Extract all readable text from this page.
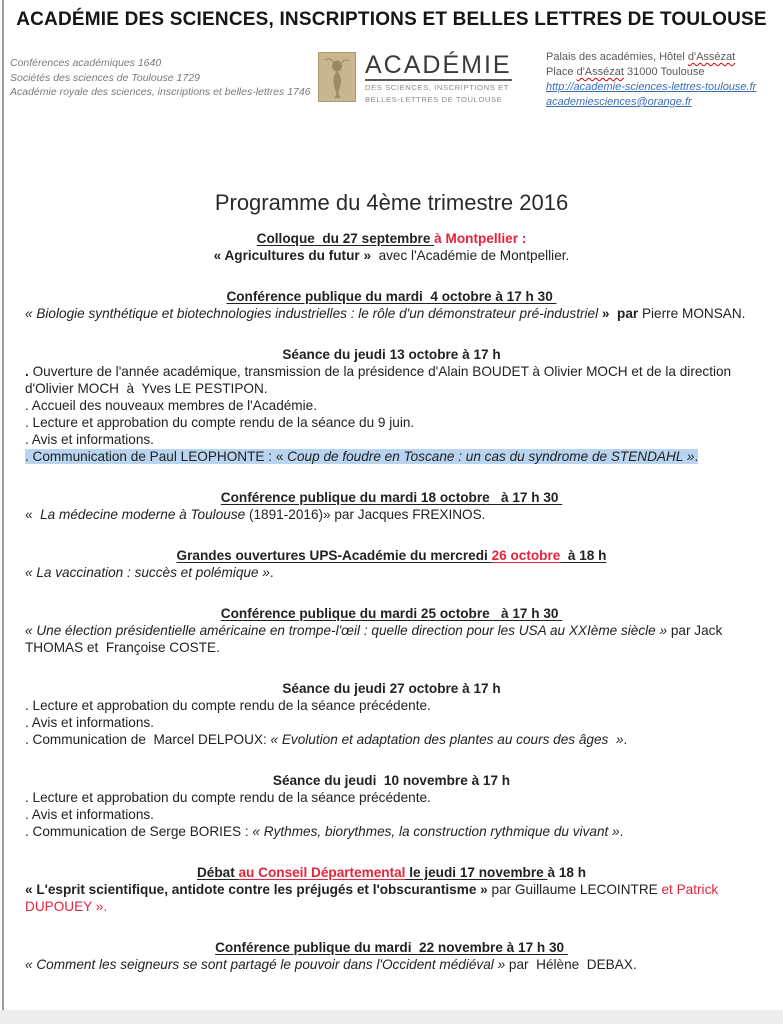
ACADÉMIE DES SCIENCES, INSCRIPTIONS ET BELLES LETTRES DE TOULOUSE
Conférences académiques 1640
Sociétés des sciences de Toulouse 1729
Académie royale des sciences, inscriptions et belles-lettres 1746
ACADÉMIE
DES SCIENCES, INSCRIPTIONS ET
BELLES-LETTRES DE TOULOUSE
Palais des académies, Hôtel d'Assézat
Place d'Assézat 31000 Toulouse
http://academie-sciences-lettres-toulouse.fr
academiesciences@orange.fr
Programme du 4ème trimestre 2016
Colloque  du 27 septembre à Montpellier :
« Agricultures du futur »  avec l'Académie de Montpellier.
Conférence publique du mardi  4 octobre à 17 h 30
« Biologie synthétique et biotechnologies industrielles : le rôle d'un démonstrateur pré-industriel »  par Pierre MONSAN.
Séance du jeudi 13 octobre à 17 h
. Ouverture de l'année académique, transmission de la présidence d'Alain BOUDET à Olivier MOCH et de la direction d'Olivier MOCH  à  Yves LE PESTIPON.
. Accueil des nouveaux membres de l'Académie.
. Lecture et approbation du compte rendu de la séance du 9 juin.
. Avis et informations.
. Communication de Paul LEOPHONTE : « Coup de foudre en Toscane : un cas du syndrome de STENDAHL ».
Conférence publique du mardi 18 octobre   à 17 h 30
«  La médecine moderne à Toulouse (1891-2016)» par Jacques FREXINOS.
Grandes ouvertures UPS-Académie du mercredi 26 octobre  à 18 h
« La vaccination : succès et polémique ».
Conférence publique du mardi 25 octobre   à 17 h 30
« Une élection présidentielle américaine en trompe-l'œil : quelle direction pour les USA au XXIème siècle » par Jack THOMAS et  Françoise COSTE.
Séance du jeudi 27 octobre à 17 h
. Lecture et approbation du compte rendu de la séance précédente.
. Avis et informations.
. Communication de  Marcel DELPOUX: « Evolution et adaptation des plantes au cours des âges  ».
Séance du jeudi  10 novembre à 17 h
. Lecture et approbation du compte rendu de la séance précédente.
. Avis et informations.
. Communication de Serge BORIES : « Rythmes, biorythmes, la construction rythmique du vivant ».
Débat au Conseil Départemental le jeudi 17 novembre à 18 h
« L'esprit scientifique, antidote contre les préjugés et l'obscurantisme » par Guillaume LECOINTRE et Patrick DUPOUEY ».
Conférence publique du mardi  22 novembre à 17 h 30
« Comment les seigneurs se sont partagé le pouvoir dans l'Occident médiéval » par  Hélène  DEBAX.
